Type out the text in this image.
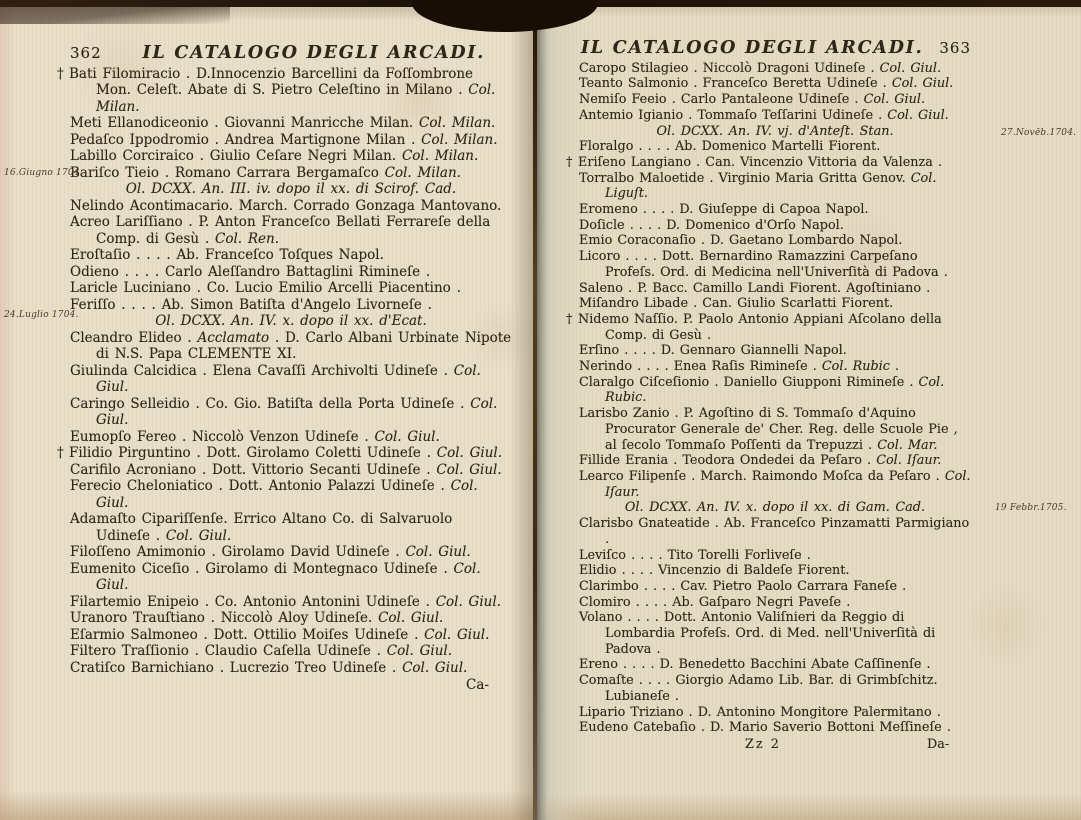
362	IL CATALOGO DEGLI ARCADI.

† Bati Filomiracio . D.Innocenzio Barcellini da Foſſombrone Mon. Celeſt. Abate di S. Pietro Celeſtino in Milano . Col. Milan.

Meti Ellanodiceonio . Giovanni Manricche Milan. Col. Milan.

Pedaſco Ippodromio . Andrea Martignone Milan . Col. Milan.

Labillo Corciraico . Giulio Ceſare Negri Milan. Col. Milan.

Bariſco Tieio . Romano Carrara Bergamaſco Col. Milan.

Ol. DCXX. An. III. iv. dopo il xx. di Scirof. Cad.

Nelindo Acontimacario. March. Corrado Gonzaga Mantovano.

Acreo Lariſſiano . P. Anton Franceſco Bellati Ferrareſe della Comp. di Gesù . Col. Ren.

Eroſtaſio . . . . Ab. Franceſco Toſques Napol.

Odieno . . . . Carlo Aleſſandro Battaglini Rimineſe .

Laricle Luciniano . Co. Lucio Emilio Arcelli Piacentino .

Feriſſo . . . . Ab. Simon Batiſta d'Angelo Livorneſe .

Ol. DCXX. An. IV. x. dopo il xx. d'Ecat.

Cleandro Elideo . Acclamato . D. Carlo Albani Urbinate Nipote di N.S. Papa CLEMENTE XI.

Giulinda Calcidica . Elena Cavaſſi Archivolti Udineſe . Col. Giul.

Caringo Selleidio . Co. Gio. Batiſta della Porta Udineſe . Col. Giul.

Eumopſo Fereo . Niccolò Venzon Udineſe . Col. Giul.

† Filidio Pirguntino . Dott. Girolamo Coletti Udineſe . Col. Giul.

Carifilo Acroniano . Dott. Vittorio Secanti Udineſe . Col. Giul.

Ferecio Cheloniatico . Dott. Antonio Palazzi Udineſe . Col. Giul.

Adamaſto Cipariſſenſe. Errico Altano Co. di Salvaruolo Udineſe . Col. Giul.

Filoſſeno Amimonio . Girolamo David Udineſe . Col. Giul.

Eumenito Ciceſio . Girolamo di Montegnaco Udineſe . Col. Giul.

Filartemio Enipeio . Co. Antonio Antonini Udineſe . Col. Giul.

Uranoro Trauſtiano . Niccolò Aloy Udineſe. Col. Giul.

Eſarmio Salmoneo . Dott. Ottilio Moiſes Udineſe . Col. Giul.

Filtero Traſſionio . Claudio Caſella Udineſe . Col. Giul.

Cratiſco Barnichiano . Lucrezio Treo Udineſe . Col. Giul.

Ca-
IL CATALOGO DEGLI ARCADI. 363

Caropo Stilagieo . Niccolò Dragoni Udineſe . Col. Giul.

Teanto Salmonio . Franceſco Beretta Udineſe . Col. Giul.

Nemiſo Feeio . Carlo Pantaleone Udineſe . Col. Giul.

Antemio Igianio . Tommaſo Teſſarini Udineſe . Col. Giul.

Ol. DCXX. An. IV. vj. d'Anteſt. Stan.

Floralgo . . . . Ab. Domenico Martelli Fiorent.

† Eriſeno Langiano . Can. Vincenzio Vittoria da Valenza .

Torralbo Maloetide . Virginio Maria Gritta Genov. Col. Liguſt.

Eromeno . . . . D. Giuſeppe di Capoa Napol.

Doſicle . . . . D. Domenico d'Orſo Napol.

Emio Coraconaſio . D. Gaetano Lombardo Napol.

Licoro . . . . Dott. Bernardino Ramazzini Carpeſano Profeſs. Ord. di Medicina nell'Univerſità di Padova .

Saleno . P. Bacc. Camillo Landi Fiorent. Agoſtiniano .

Miſandro Libade . Can. Giulio Scarlatti Fiorent.

† Nidemo Naſſio. P. Paolo Antonio Appiani Aſcolano della Comp. di Gesù .

Erſino . . . . D. Gennaro Giannelli Napol.

Nerindo . . . . Enea Raſis Rimineſe . Col. Rubic .

Claralgo Ciſceſionio . Daniello Giupponi Rimineſe . Col. Rubic.

Larisbo Zanio . P. Agoſtino di S. Tommaſo d'Aquino Procurator Generale de' Cher. Reg. delle Scuole Pie , al ſecolo Tommaſo Poſſenti da Trepuzzi . Col. Mar.

Fillide Erania . Teodora Ondedei da Peſaro . Col. Iſaur.

Learco Filipenſe . March. Raimondo Moſca da Peſaro . Col. Iſaur.

Ol. DCXX. An. IV. x. dopo il xx. di Gam. Cad.

Clarisbo Gnateatide . Ab. Franceſco Pinzamatti Parmigiano .

Leviſco . . . . Tito Torelli Forliveſe .

Elidio . . . . Vincenzio di Baldeſe Fiorent.

Clarimbo . . . . Cav. Pietro Paolo Carrara Faneſe .

Clomiro . . . . Ab. Gaſparo Negri Paveſe .

Volano . . . . Dott. Antonio Valiſnieri da Reggio di Lombardia Profeſs. Ord. di Med. nell'Univerſità di Padova .

Ereno . . . . D. Benedetto Bacchini Abate Caſſinenſe .

Comaſte . . . . Giorgio Adamo Lib. Bar. di Grimbſchitz. Lubianeſe .

Lipario Triziano . D. Antonino Mongitore Palermitano .

Eudeno Catebaſio . D. Mario Saverio Bottoni Meſſineſe .

Zz 2	Da-
16.Giugno 1704.
24.Luglio 1704.
27.Novēb.1704.
19 Febbr.1705.
